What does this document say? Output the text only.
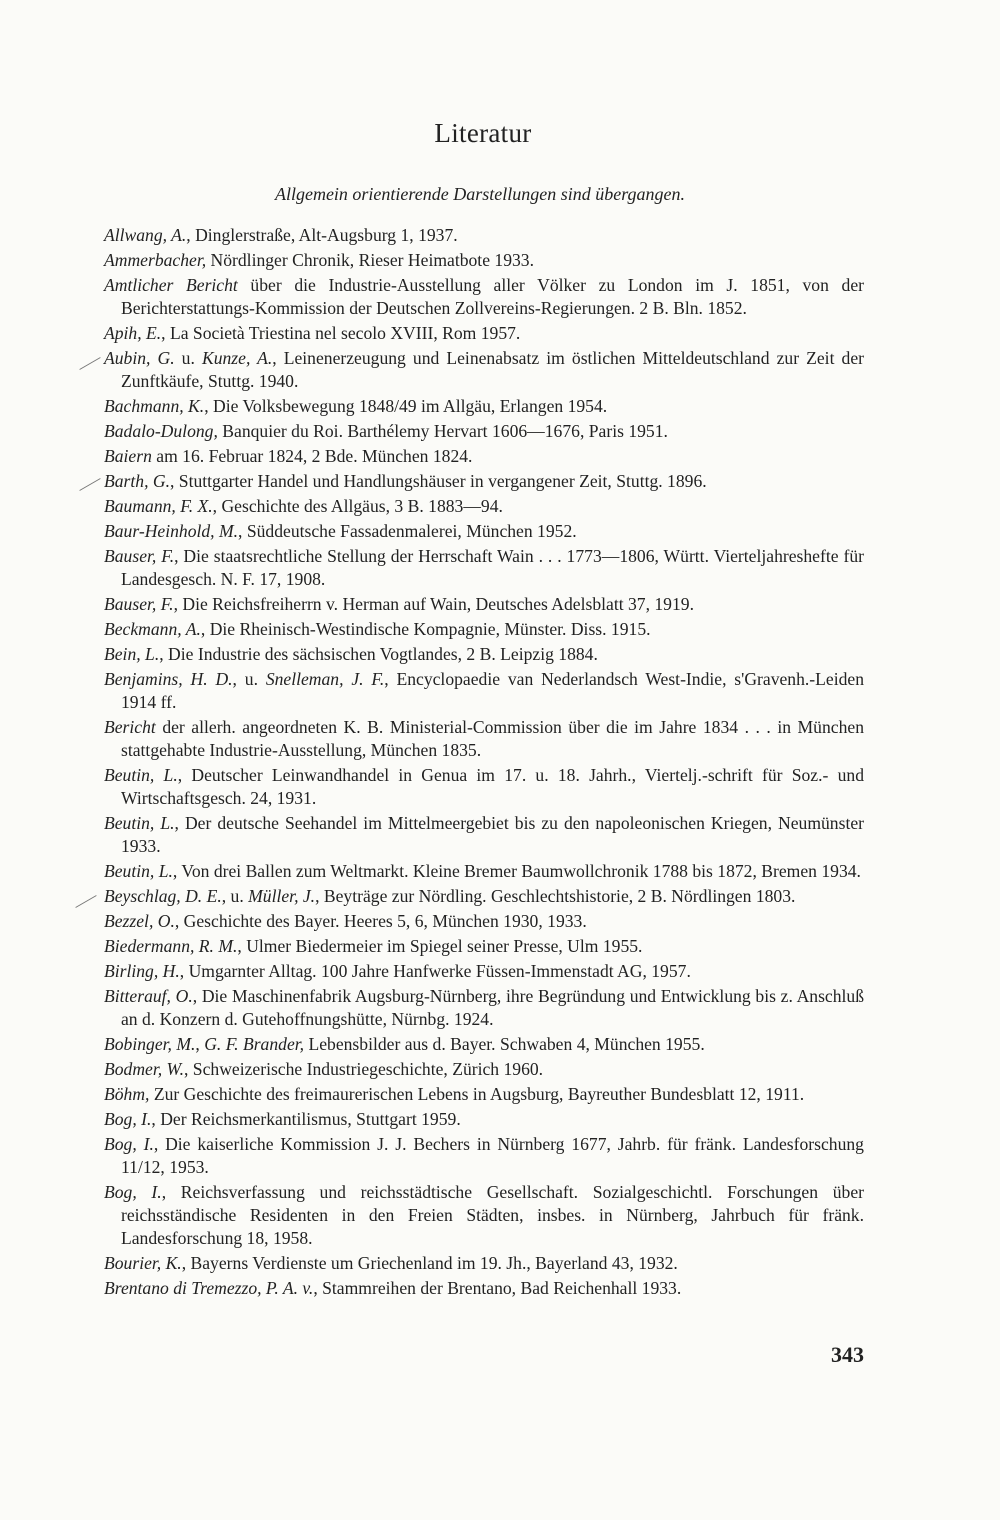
Literatur

Allgemein orientierende Darstellungen sind übergangen.

Allwang, A., Dinglerstraße, Alt-Augsburg 1, 1937.
Ammerbacher, Nördlinger Chronik, Rieser Heimatbote 1933.
Amtlicher Bericht über die Industrie-Ausstellung aller Völker zu London im J. 1851, von der Berichterstattungs-Kommission der Deutschen Zollvereins-Regierungen. 2 B. Bln. 1852.
Apih, E., La Società Triestina nel secolo XVIII, Rom 1957.
Aubin, G. u. Kunze, A., Leinenerzeugung und Leinenabsatz im östlichen Mitteldeutschland zur Zeit der Zunftkäufe, Stuttg. 1940.
Bachmann, K., Die Volksbewegung 1848/49 im Allgäu, Erlangen 1954.
Badalo-Dulong, Banquier du Roi. Barthélemy Hervart 1606—1676, Paris 1951.
Baiern am 16. Februar 1824, 2 Bde. München 1824.
Barth, G., Stuttgarter Handel und Handlungshäuser in vergangener Zeit, Stuttg. 1896.
Baumann, F. X., Geschichte des Allgäus, 3 B. 1883—94.
Baur-Heinhold, M., Süddeutsche Fassadenmalerei, München 1952.
Bauser, F., Die staatsrechtliche Stellung der Herrschaft Wain . . . 1773—1806, Württ. Vierteljahreshefte für Landesgesch. N. F. 17, 1908.
Bauser, F., Die Reichsfreiherrn v. Herman auf Wain, Deutsches Adelsblatt 37, 1919.
Beckmann, A., Die Rheinisch-Westindische Kompagnie, Münster. Diss. 1915.
Bein, L., Die Industrie des sächsischen Vogtlandes, 2 B. Leipzig 1884.
Benjamins, H. D., u. Snelleman, J. F., Encyclopaedie van Nederlandsch West-Indie, s'Gravenh.-Leiden 1914 ff.
Bericht der allerh. angeordneten K. B. Ministerial-Commission über die im Jahre 1834 . . . in München stattgehabte Industrie-Ausstellung, München 1835.
Beutin, L., Deutscher Leinwandhandel in Genua im 17. u. 18. Jahrh., Viertelj.-schrift für Soz.- und Wirtschaftsgesch. 24, 1931.
Beutin, L., Der deutsche Seehandel im Mittelmeergebiet bis zu den napoleonischen Kriegen, Neumünster 1933.
Beutin, L., Von drei Ballen zum Weltmarkt. Kleine Bremer Baumwollchronik 1788 bis 1872, Bremen 1934.
Beyschlag, D. E., u. Müller, J., Beyträge zur Nördling. Geschlechtshistorie, 2 B. Nördlingen 1803.
Bezzel, O., Geschichte des Bayer. Heeres 5, 6, München 1930, 1933.
Biedermann, R. M., Ulmer Biedermeier im Spiegel seiner Presse, Ulm 1955.
Birling, H., Umgarnter Alltag. 100 Jahre Hanfwerke Füssen-Immenstadt AG, 1957.
Bitterauf, O., Die Maschinenfabrik Augsburg-Nürnberg, ihre Begründung und Entwicklung bis z. Anschluß an d. Konzern d. Gutehoffnungshütte, Nürnbg. 1924.
Bobinger, M., G. F. Brander, Lebensbilder aus d. Bayer. Schwaben 4, München 1955.
Bodmer, W., Schweizerische Industriegeschichte, Zürich 1960.
Böhm, Zur Geschichte des freimaurerischen Lebens in Augsburg, Bayreuther Bundesblatt 12, 1911.
Bog, I., Der Reichsmerkantilismus, Stuttgart 1959.
Bog, I., Die kaiserliche Kommission J. J. Bechers in Nürnberg 1677, Jahrb. für fränk. Landesforschung 11/12, 1953.
Bog, I., Reichsverfassung und reichsstädtische Gesellschaft. Sozialgeschichtl. Forschungen über reichsständische Residenten in den Freien Städten, insbes. in Nürnberg, Jahrbuch für fränk. Landesforschung 18, 1958.
Bourier, K., Bayerns Verdienste um Griechenland im 19. Jh., Bayerland 43, 1932.
Brentano di Tremezzo, P. A. v., Stammreihen der Brentano, Bad Reichenhall 1933.

343
